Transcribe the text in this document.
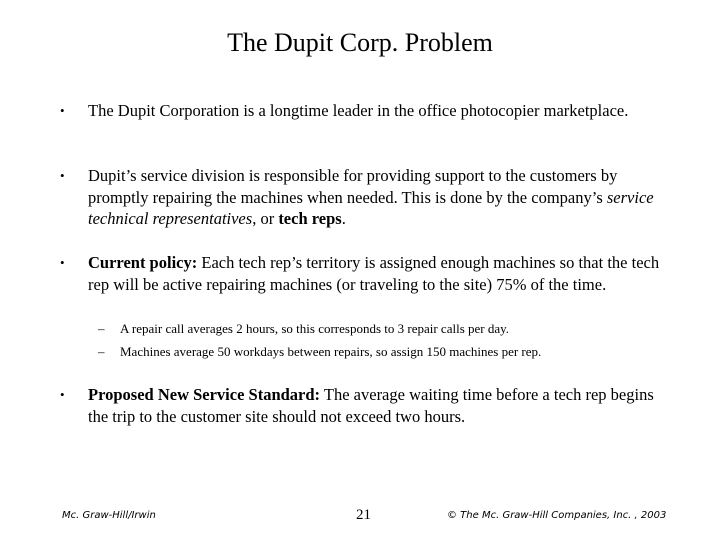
The Dupit Corp. Problem
• The Dupit Corporation is a longtime leader in the office photocopier marketplace.
• Dupit’s service division is responsible for providing support to the customers by promptly repairing the machines when needed. This is done by the company’s service technical representatives, or tech reps.
• Current policy: Each tech rep’s territory is assigned enough machines so that the tech rep will be active repairing machines (or traveling to the site) 75% of the time.
– A repair call averages 2 hours, so this corresponds to 3 repair calls per day.
– Machines average 50 workdays between repairs, so assign 150 machines per rep.
• Proposed New Service Standard: The average waiting time before a tech rep begins the trip to the customer site should not exceed two hours.
Mc. Graw-Hill/Irwin	21	© The Mc. Graw-Hill Companies, Inc. , 2003
